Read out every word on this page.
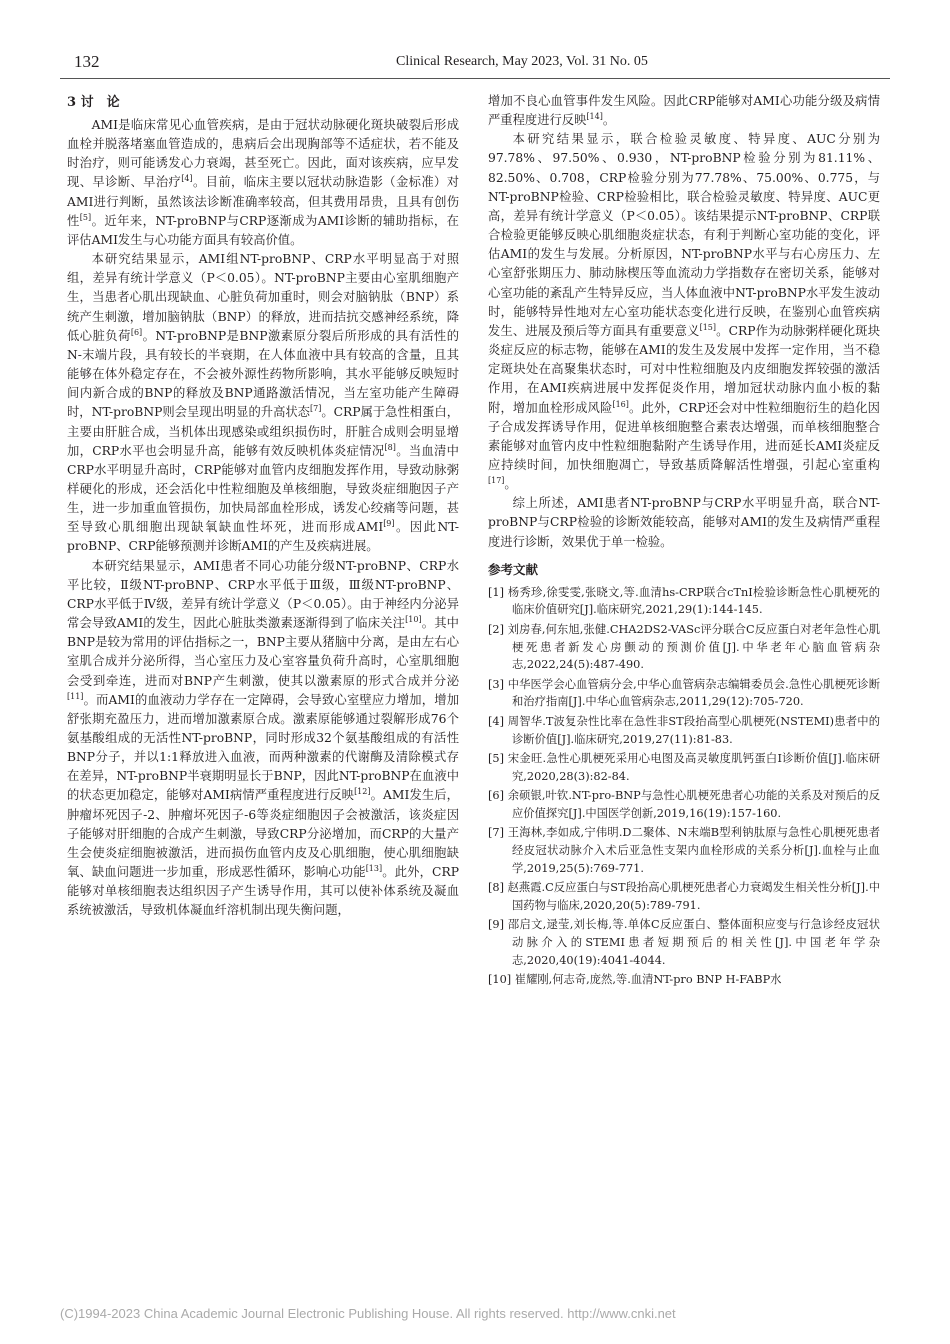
132	Clinical Research, May 2023, Vol. 31 No. 05
3 讨　论

AMI是临床常见心血管疾病，是由于冠状动脉硬化斑块破裂后形成血栓并脱落堵塞血管造成的，患病后会出现胸部等不适症状，若不能及时治疗，则可能诱发心力衰竭，甚至死亡。因此，面对该疾病，应早发现、早诊断、早治疗[4]。目前，临床主要以冠状动脉造影（金标准）对AMI进行判断，虽然该法诊断准确率较高，但其费用昂贵，且具有创伤性[5]。近年来，NT-proBNP与CRP逐渐成为AMI诊断的辅助指标，在评估AMI发生与心功能方面具有较高价值。

本研究结果显示，AMI组NT-proBNP、CRP水平明显高于对照组，差异有统计学意义（P＜0.05）。NT-proBNP主要由心室肌细胞产生，当患者心肌出现缺血、心脏负荷加重时，则会对脑钠肽（BNP）系统产生刺激，增加脑钠肽（BNP）的释放，进而拮抗交感神经系统，降低心脏负荷[6]。NT-proBNP是BNP激素原分裂后所形成的具有活性的N-末端片段，具有较长的半衰期，在人体血液中具有较高的含量，且其能够在体外稳定存在，不会被外源性药物所影响，其水平能够反映短时间内新合成的BNP的释放及BNP通路激活情况，当左室功能产生障碍时，NT-proBNP则会呈现出明显的升高状态[7]。CRP属于急性相蛋白，主要由肝脏合成，当机体出现感染或组织损伤时，肝脏合成则会明显增加，CRP水平也会明显升高，能够有效反映机体炎症情况[8]。当血清中CRP水平明显升高时，CRP能够对血管内皮细胞发挥作用，导致动脉粥样硬化的形成，还会活化中性粒细胞及单核细胞，导致炎症细胞因子产生，进一步加重血管损伤，加快局部血栓形成，诱发心绞痛等问题，甚至导致心肌细胞出现缺氧缺血性坏死，进而形成AMI[9]。因此NT-proBNP、CRP能够预测并诊断AMI的产生及疾病进展。

本研究结果显示，AMI患者不同心功能分级NT-proBNP、CRP水平比较，Ⅱ级NT-proBNP、CRP水平低于Ⅲ级，Ⅲ级NT-proBNP、CRP水平低于Ⅳ级，差异有统计学意义（P＜0.05）。由于神经内分泌异常会导致AMI的发生，因此心脏肽类激素逐渐得到了临床关注[10]。其中BNP是较为常用的评估指标之一，BNP主要从猪脑中分离，是由左右心室肌合成并分泌所得，当心室压力及心室容量负荷升高时，心室肌细胞会受到牵连，进而对BNP产生刺激，使其以激素原的形式合成并分泌[11]。而AMI的血液动力学存在一定障碍，会导致心室壁应力增加，增加舒张期充盈压力，进而增加激素原合成。激素原能够通过裂解形成76个氨基酸组成的无活性NT-proBNP，同时形成32个氨基酸组成的有活性BNP分子，并以1:1释放进入血液，而两种激素的代谢酶及清除模式存在差异，NT-proBNP半衰期明显长于BNP，因此NT-proBNP在血液中的状态更加稳定，能够对AMI病情严重程度进行反映[12]。AMI发生后，肿瘤坏死因子-2、肿瘤坏死因子-6等炎症细胞因子会被激活，该炎症因子能够对肝细胞的合成产生刺激，导致CRP分泌增加，而CRP的大量产生会使炎症细胞被激活，进而损伤血管内皮及心肌细胞，使心肌细胞缺氧、缺血问题进一步加重，形成恶性循环，影响心功能[13]。此外，CRP能够对单核细胞表达组织因子产生诱导作用，其可以使补体系统及凝血系统被激活，导致机体凝血纤溶机制出现失衡问题，

增加不良心血管事件发生风险。因此CRP能够对AMI心功能分级及病情严重程度进行反映[14]。

本研究结果显示，联合检验灵敏度、特异度、AUC分别为97.78%、97.50%、0.930，NT-proBNP检验分别为81.11%、82.50%、0.708，CRP检验分别为77.78%、75.00%、0.775，与NT-proBNP检验、CRP检验相比，联合检验灵敏度、特异度、AUC更高，差异有统计学意义（P＜0.05）。该结果提示NT-proBNP、CRP联合检验更能够反映心肌细胞炎症状态，有利于判断心室功能的变化，评估AMI的发生与发展。分析原因，NT-proBNP水平与右心房压力、左心室舒张期压力、肺动脉楔压等血流动力学指数存在密切关系，能够对心室功能的紊乱产生特异反应，当人体血液中NT-proBNP水平发生波动时，能够特异性地对左心室功能状态变化进行反映，在鉴别心血管疾病发生、进展及预后等方面具有重要意义[15]。CRP作为动脉粥样硬化斑块炎症反应的标志物，能够在AMI的发生及发展中发挥一定作用，当不稳定斑块处在高聚集状态时，可对中性粒细胞及内皮细胞发挥较强的激活作用，在AMI疾病进展中发挥促炎作用，增加冠状动脉内血小板的黏附，增加血栓形成风险[16]。此外，CRP还会对中性粒细胞衍生的趋化因子合成发挥诱导作用，促进单核细胞整合素表达增强，而单核细胞整合素能够对血管内皮中性粒细胞黏附产生诱导作用，进而延长AMI炎症反应持续时间，加快细胞凋亡，导致基质降解活性增强，引起心室重构[17]。

综上所述，AMI患者NT-proBNP与CRP水平明显升高，联合NT-proBNP与CRP检验的诊断效能较高，能够对AMI的发生及病情严重程度进行诊断，效果优于单一检验。

参考文献
[1] 杨秀珍,徐雯雯,张晓文,等.血清hs-CRP联合cTnI检验诊断急性心肌梗死的临床价值研究[J].临床研究,2021,29(1):144-145.
[2] 刘房春,何东旭,张健.CHA2DS2-VASc评分联合C反应蛋白对老年急性心肌梗死患者新发心房颤动的预测价值[J].中华老年心脑血管病杂志,2022,24(5):487-490.
[3] 中华医学会心血管病分会,中华心血管病杂志编辑委员会.急性心肌梗死诊断和治疗指南[J].中华心血管病杂志,2011,29(12):705-720.
[4] 周智华.T波复杂性比率在急性非ST段抬高型心肌梗死(NSTEMI)患者中的诊断价值[J].临床研究,2019,27(11):81-83.
[5] 宋金旺.急性心肌梗死采用心电图及高灵敏度肌钙蛋白Ⅰ诊断价值[J].临床研究,2020,28(3):82-84.
[6] 余硕银,叶钦.NT-pro-BNP与急性心肌梗死患者心功能的关系及对预后的反应价值探究[J].中国医学创新,2019,16(19):157-160.
[7] 王海林,李如成,宁伟明.D二聚体、N末端B型利钠肽原与急性心肌梗死患者经皮冠状动脉介入术后亚急性支架内血栓形成的关系分析[J].血栓与止血学,2019,25(5):769-771.
[8] 赵燕霞.C反应蛋白与ST段抬高心肌梗死患者心力衰竭发生相关性分析[J].中国药物与临床,2020,20(5):789-791.
[9] 邵启文,逯莹,刘长梅,等.单体C反应蛋白、整体面积应变与行急诊经皮冠状动脉介入的STEMI患者短期预后的相关性[J].中国老年学杂志,2020,40(19):4041-4044.
[10] 崔耀刚,何志奇,庞然,等.血清NT-pro BNP H-FABP水
(C)1994-2023 China Academic Journal Electronic Publishing House. All rights reserved. http://www.cnki.net
